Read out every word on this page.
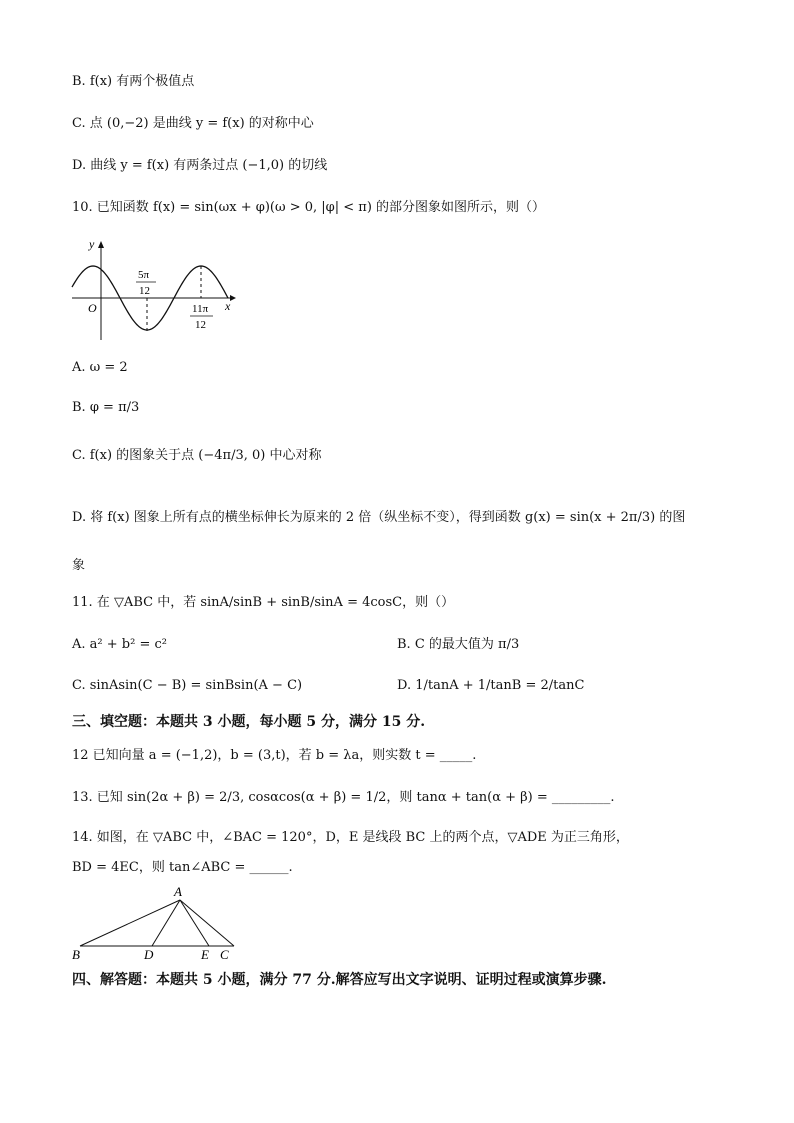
B. f(x) 有两个极值点
C. 点 (0,−2) 是曲线 y = f(x) 的对称中心
D. 曲线 y = f(x) 有两条过点 (−1,0) 的切线
10. 已知函数 f(x) = sin(ωx + φ)(ω > 0, |φ| < π) 的部分图象如图所示，则（）
y
x
O
5π
12
11π
12
A. ω = 2
B. φ = π/3
C. f(x) 的图象关于点 (−4π/3, 0) 中心对称
D. 将 f(x) 图象上所有点的横坐标伸长为原来的 2 倍（纵坐标不变），得到函数 g(x) = sin(x + 2π/3) 的图
象
11. 在 ▽ABC 中，若 sinA/sinB + sinB/sinA = 4cosC，则（）
A. a² + b² = c²	B. C 的最大值为 π/3
C. sinAsin(C − B) = sinBsin(A − C)	D. 1/tanA + 1/tanB = 2/tanC
三、填空题：本题共 3 小题，每小题 5 分，满分 15 分.
12 已知向量 a = (−1,2)，b = (3,t)，若 b = λa，则实数 t = _____.
13. 已知 sin(2α + β) = 2/3, cosαcos(α + β) = 1/2，则 tanα + tan(α + β) = _________.
14. 如图，在 ▽ABC 中，∠BAC = 120°，D，E 是线段 BC 上的两个点，▽ADE 为正三角形，
BD = 4EC，则 tan∠ABC = ______.
A
B	D	E C
四、解答题：本题共 5 小题，满分 77 分.解答应写出文字说明、证明过程或演算步骤.
